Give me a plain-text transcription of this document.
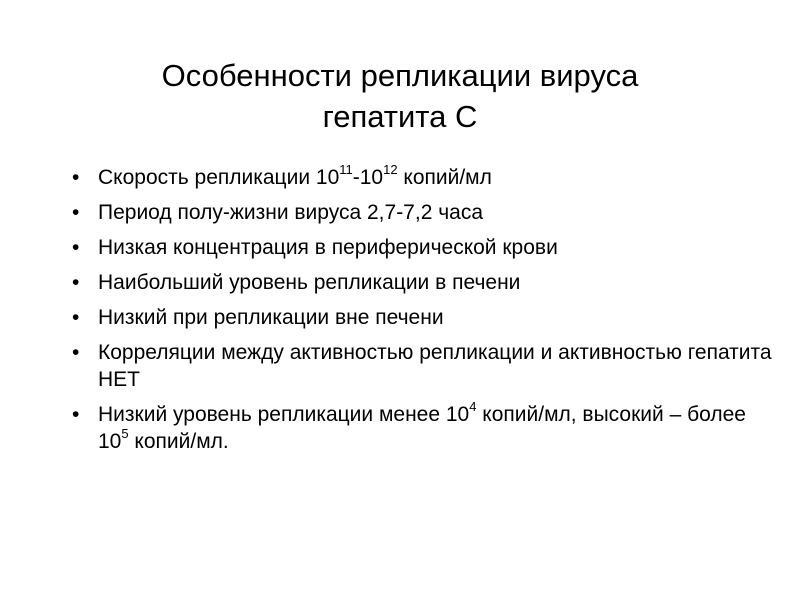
Особенности репликации вируса
гепатита С
• Скорость репликации $10^{11}-10^{12}$ копий/мл
• Период полу-жизни вируса 2,7-7,2 часа
• Низкая концентрация в периферической крови
• Наибольший уровень репликации в печени
• Низкий при репликации вне печени
• Корреляции между активностью репликации и активностью гепатита НЕТ
• Низкий уровень репликации менее $10^4$ копий/мл, высокий – более $10^5$ копий/мл.
